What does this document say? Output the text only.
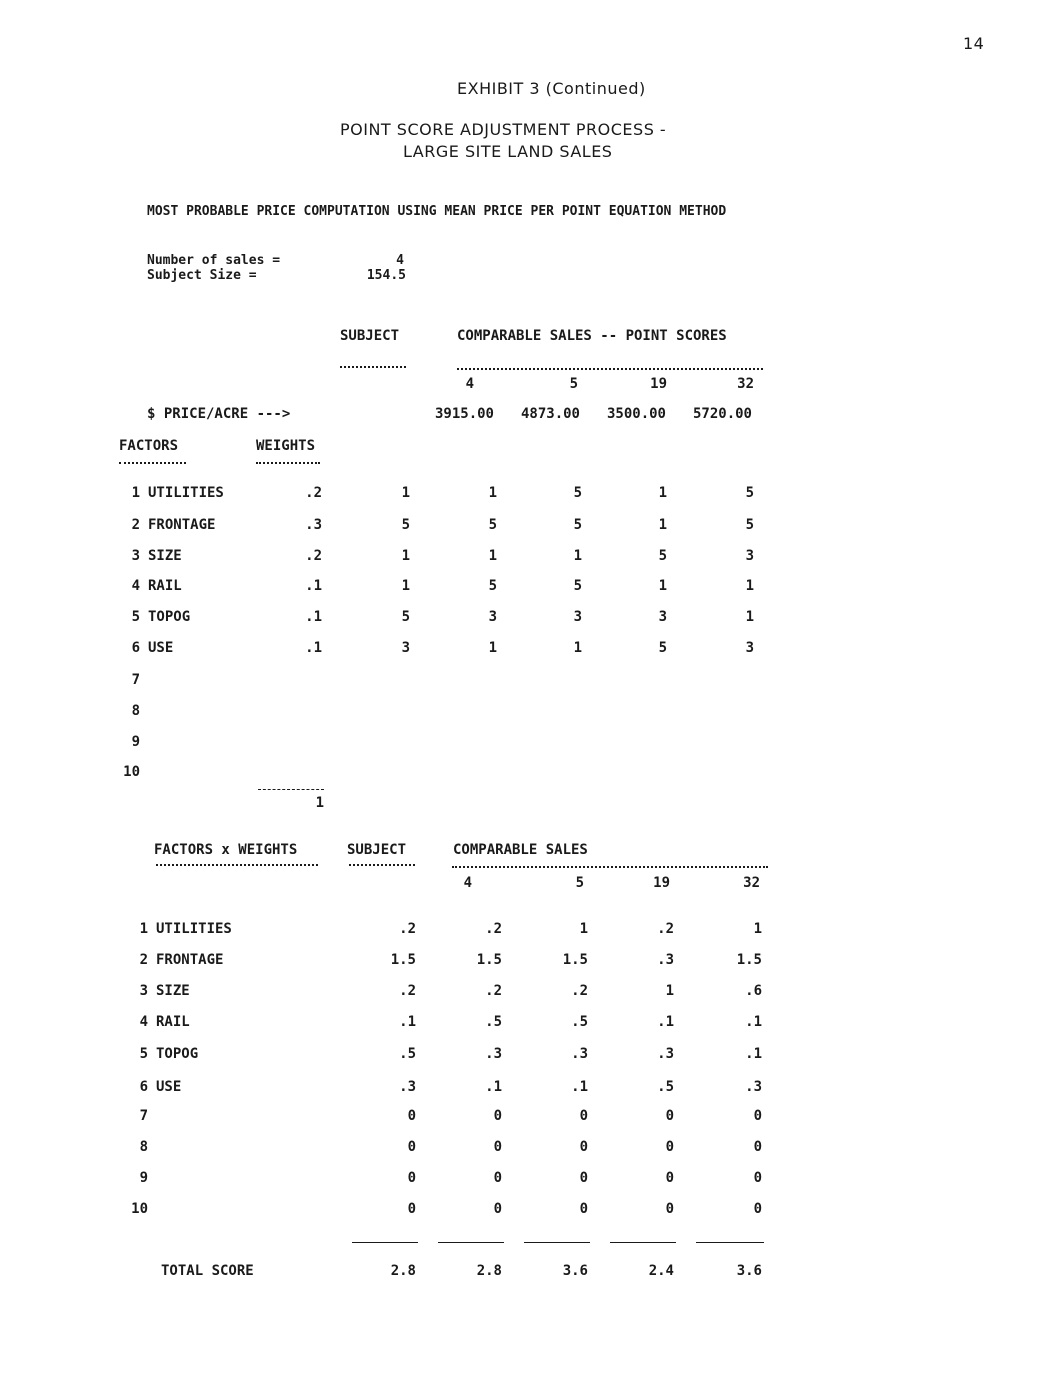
14
EXHIBIT 3 (Continued)
POINT SCORE ADJUSTMENT PROCESS -
LARGE SITE LAND SALES
MOST PROBABLE PRICE COMPUTATION USING MEAN PRICE PER POINT EQUATION METHOD
Number of sales =	4
Subject Size =	154.5
SUBJECT	COMPARABLE SALES -- POINT SCORES
4	5	19	32
$ PRICE/ACRE --->	3915.00	4873.00	3500.00	5720.00
FACTORS	WEIGHTS
1 UTILITIES	.2	1	1	5	1	5
2 FRONTAGE	.3	5	5	5	1	5
3 SIZE	.2	1	1	1	5	3
4 RAIL	.1	1	5	5	1	1
5 TOPOG	.1	5	3	3	3	1
6 USE	.1	3	1	1	5	3
7
8
9
10
1
FACTORS x WEIGHTS	SUBJECT	COMPARABLE SALES
4	5	19	32
1 UTILITIES	.2	.2	1	.2	1
2 FRONTAGE	1.5	1.5	1.5	.3	1.5
3 SIZE	.2	.2	.2	1	.6
4 RAIL	.1	.5	.5	.1	.1
5 TOPOG	.5	.3	.3	.3	.1
6 USE	.3	.1	.1	.5	.3
7	0	0	0	0	0
8	0	0	0	0	0
9	0	0	0	0	0
10	0	0	0	0	0
TOTAL SCORE	2.8	2.8	3.6	2.4	3.6
